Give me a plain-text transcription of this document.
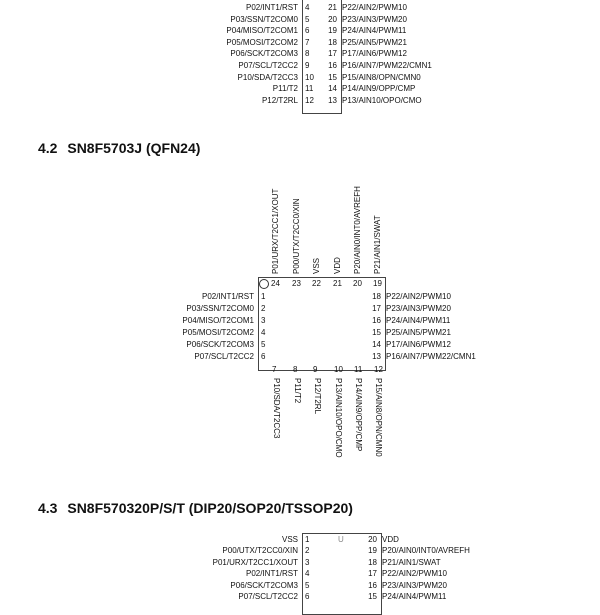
P02/INT1/RST 4
P03/SSN/T2COM0 5
P04/MISO/T2COM1 6
P05/MOSI/T2COM2 7
P06/SCK/T2COM3 8
P07/SCL/T2CC2 9
P10/SDA/T2CC3 10
P11/T2 11
P12/T2RL 12
21 P22/AIN2/PWM10
20 P23/AIN3/PWM20
19 P24/AIN4/PWM11
18 P25/AIN5/PWM21
17 P17/AIN6/PWM12
16 P16/AIN7/PWM22/CMN1
15 P15/AIN8/OPN/CMN0
14 P14/AIN9/OPP/CMP
13 P13/AIN10/OPO/CMO
4.2 SN8F5703J (QFN24)
24
P01/URX/T2CC1/XOUT
23
P00/UTX/T2CC0/XIN
22
VSS
21
VDD
20
P20/AIN0/INT0/AVREFH
19
P21/AIN1/SWAT
P02/INT1/RST 1
P03/SSN/T2COM0 2
P04/MISO/T2COM1 3
P05/MOSI/T2COM2 4
P06/SCK/T2COM3 5
P07/SCL/T2CC2 6
18 P22/AIN2/PWM10
17 P23/AIN3/PWM20
16 P24/AIN4/PWM11
15 P25/AIN5/PWM21
14 P17/AIN6/PWM12
13 P16/AIN7/PWM22/CMN1
7
P10/SDA/T2CC3
8
P11/T2
9
P12/T2RL
10
P13/AIN10/OPO/CMO
11
P14/AIN9/OPP/CMP
12
P15/AIN8/OPN/CMN0
4.3 SN8F570320P/S/T (DIP20/SOP20/TSSOP20)
U
VSS 1
P00/UTX/T2CC0/XIN 2
P01/URX/T2CC1/XOUT 3
P02/INT1/RST 4
P06/SCK/T2COM3 5
P07/SCL/T2CC2 6
20 VDD
19 P20/AIN0/INT0/AVREFH
18 P21/AIN1/SWAT
17 P22/AIN2/PWM10
16 P23/AIN3/PWM20
15 P24/AIN4/PWM11
